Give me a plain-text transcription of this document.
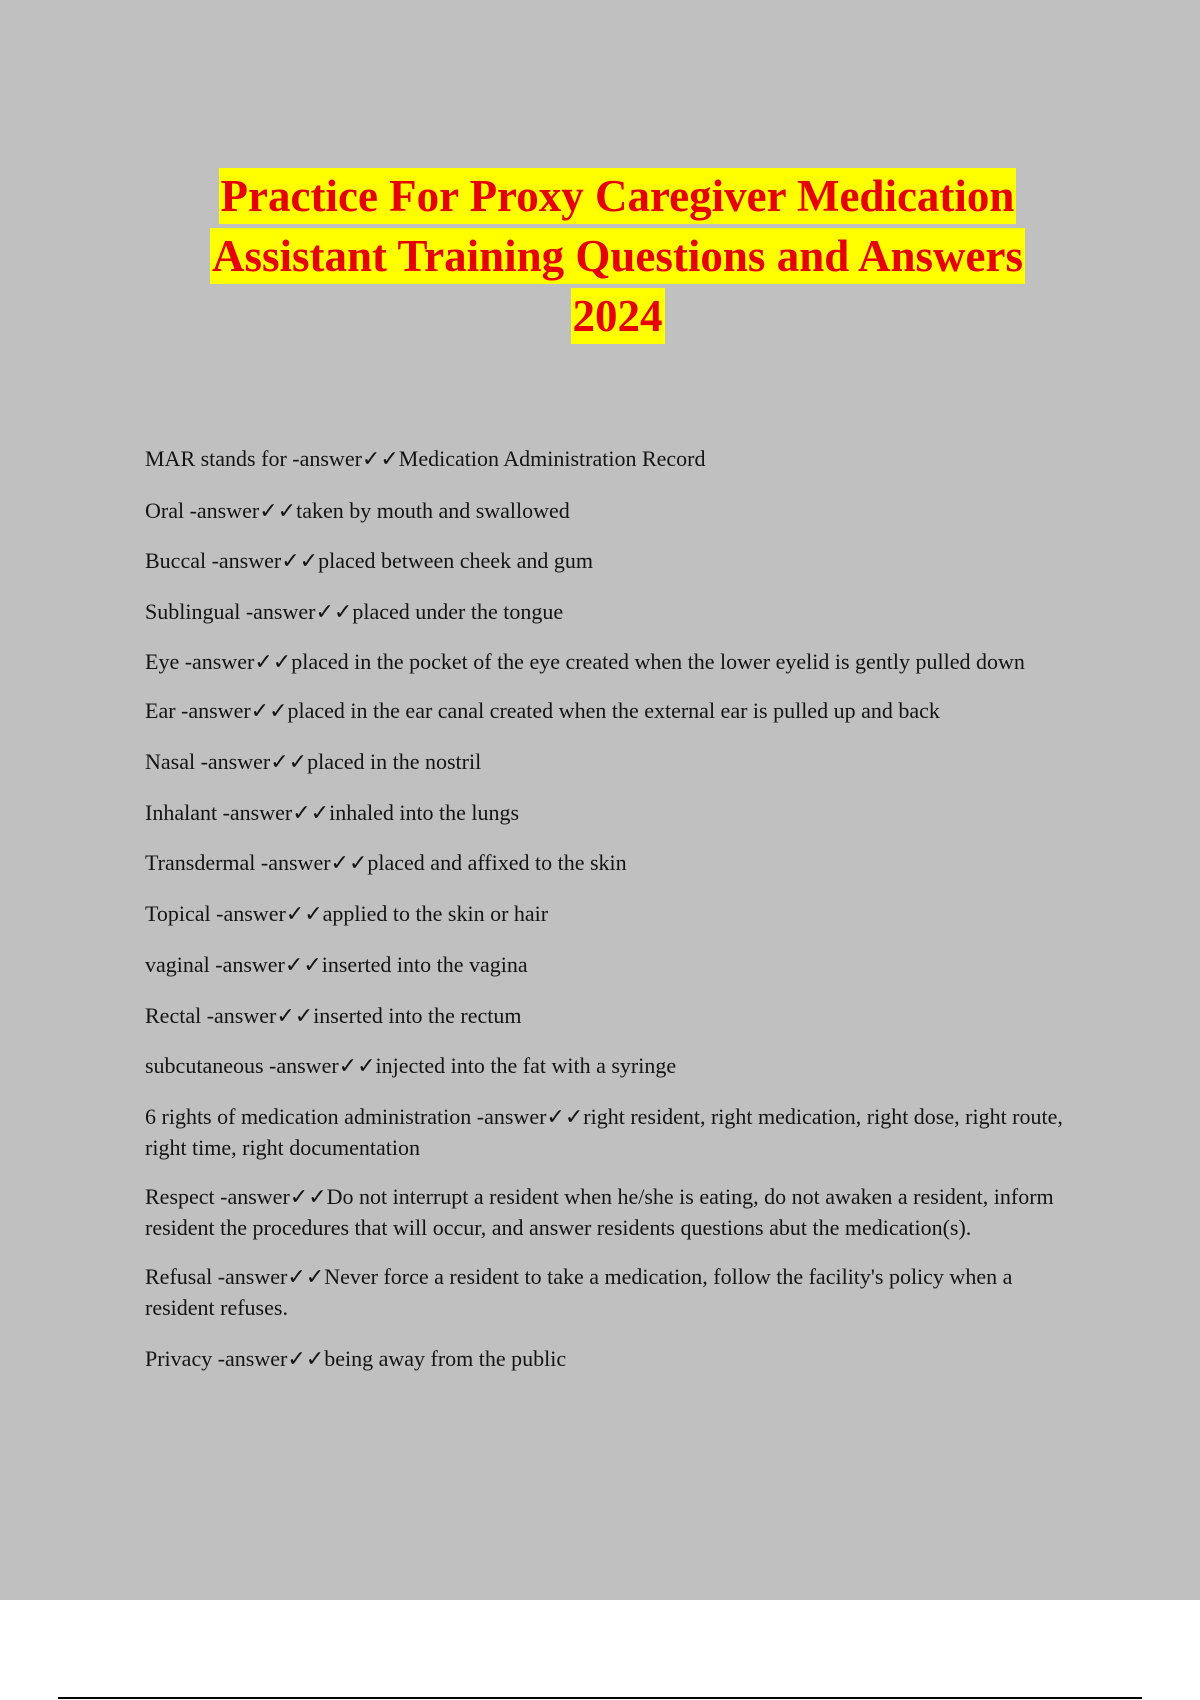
Practice For Proxy Caregiver Medication
Assistant Training Questions and Answers
2024
MAR stands for -answer✓✓Medication Administration Record
Oral -answer✓✓taken by mouth and swallowed
Buccal -answer✓✓placed between cheek and gum
Sublingual -answer✓✓placed under the tongue
Eye -answer✓✓placed in the pocket of the eye created when the lower eyelid is gently pulled down
Ear -answer✓✓placed in the ear canal created when the external ear is pulled up and back
Nasal -answer✓✓placed in the nostril
Inhalant -answer✓✓inhaled into the lungs
Transdermal -answer✓✓placed and affixed to the skin
Topical -answer✓✓applied to the skin or hair
vaginal -answer✓✓inserted into the vagina
Rectal -answer✓✓inserted into the rectum
subcutaneous -answer✓✓injected into the fat with a syringe
6 rights of medication administration -answer✓✓right resident, right medication, right dose, right route, right time, right documentation
Respect -answer✓✓Do not interrupt a resident when he/she is eating, do not awaken a resident, inform resident the procedures that will occur, and answer residents questions abut the medication(s).
Refusal -answer✓✓Never force a resident to take a medication, follow the facility's policy when a resident refuses.
Privacy -answer✓✓being away from the public
